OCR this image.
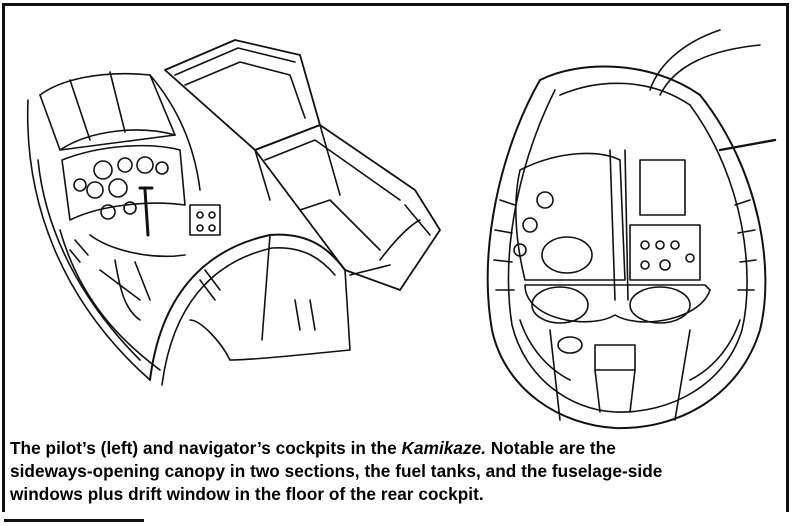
The pilot’s (left) and navigator’s cockpits in the Kamikaze. Notable are the
sideways-opening canopy in two sections, the fuel tanks, and the fuselage-side
windows plus drift window in the floor of the rear cockpit.
